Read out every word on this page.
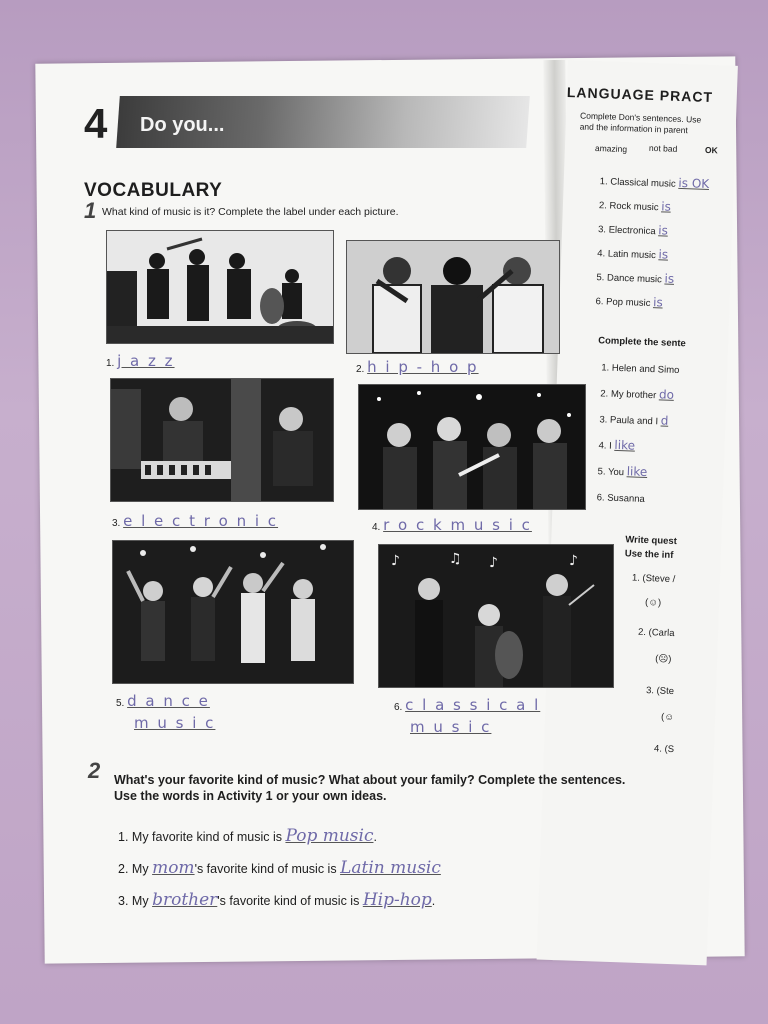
LANGUAGE PRACT
Complete Don's sentences. Use
and the information in parent
amazing	not bad	OK
1. Classical music is OK
2. Rock music is
3. Electronica is
4. Latin music is
5. Dance music is
6. Pop music is
Complete the sente
1. Helen and Simo
2. My brother do
3. Paula and I d
4. I like
5. You like
6. Susanna
Write quest
Use the inf
1. (Steve /
(☺)
2. (Carla
(☹)
3. (Ste
(☺
4. (S
4 Do you...
VOCABULARY
1 What kind of music is it? Complete the label under each picture.
♪	♫ ♪	♪
1. j a z z	2. h i p - h o p
3. e l e c t r o n i c	4. r o c k m u s i c
5. d a n c e
m u s i c
6. c l a s s i c a l
m u s i c
2 What's your favorite kind of music? What about your family? Complete the sentences.
Use the words in Activity 1 or your own ideas.
1. My favorite kind of music is Pop music.
2. My mom's favorite kind of music is Latin music
3. My brother's favorite kind of music is Hip-hop.
